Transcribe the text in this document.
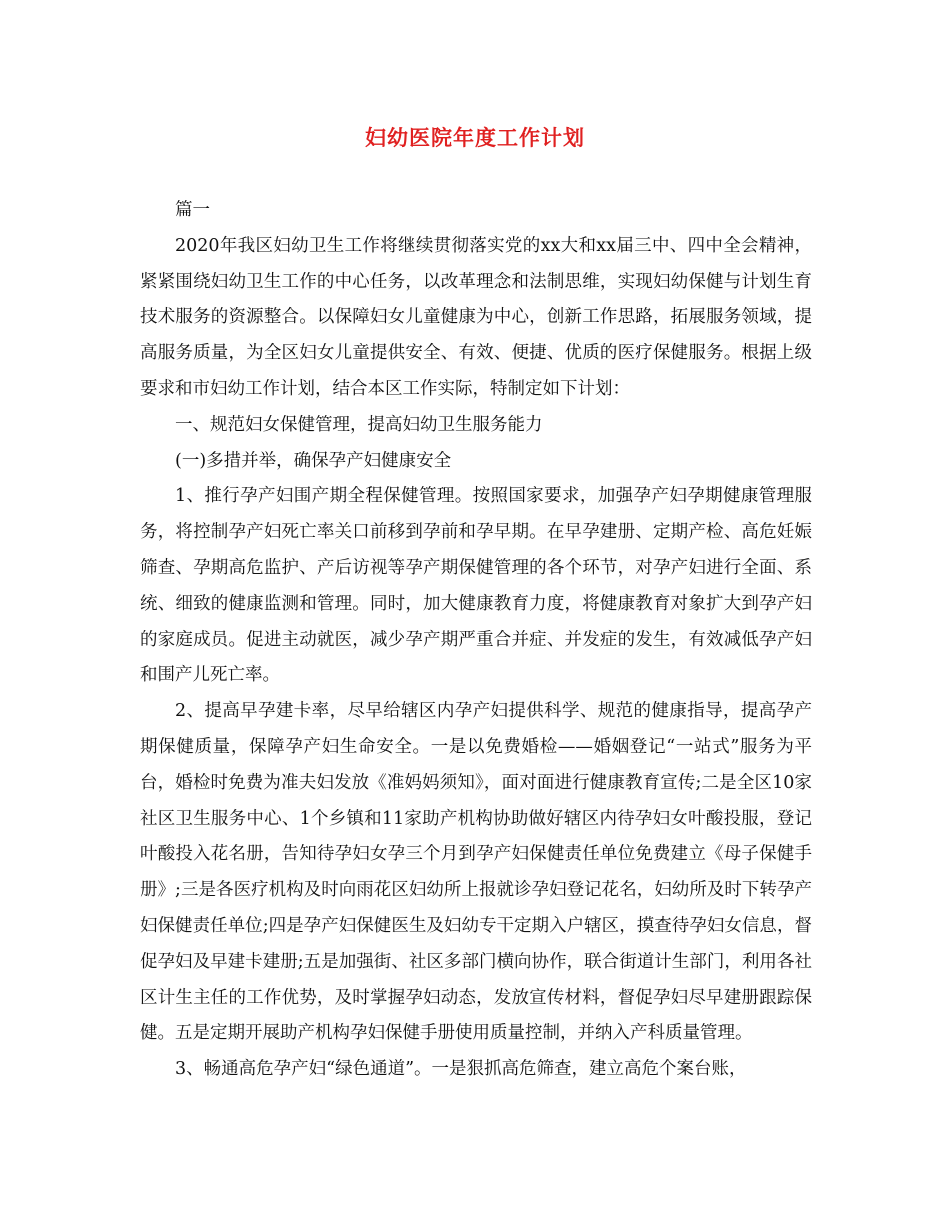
妇幼医院年度工作计划

篇一

2020年我区妇幼卫生工作将继续贯彻落实党的xx大和xx届三中、四中全会精神，紧紧围绕妇幼卫生工作的中心任务，以改革理念和法制思维，实现妇幼保健与计划生育技术服务的资源整合。以保障妇女儿童健康为中心，创新工作思路，拓展服务领域，提高服务质量，为全区妇女儿童提供安全、有效、便捷、优质的医疗保健服务。根据上级要求和市妇幼工作计划，结合本区工作实际，特制定如下计划：

一、规范妇女保健管理，提高妇幼卫生服务能力

(一)多措并举，确保孕产妇健康安全

1、推行孕产妇围产期全程保健管理。按照国家要求，加强孕产妇孕期健康管理服务，将控制孕产妇死亡率关口前移到孕前和孕早期。在早孕建册、定期产检、高危妊娠筛查、孕期高危监护、产后访视等孕产期保健管理的各个环节，对孕产妇进行全面、系统、细致的健康监测和管理。同时，加大健康教育力度，将健康教育对象扩大到孕产妇的家庭成员。促进主动就医，减少孕产期严重合并症、并发症的发生，有效减低孕产妇和围产儿死亡率。

2、提高早孕建卡率，尽早给辖区内孕产妇提供科学、规范的健康指导，提高孕产期保健质量，保障孕产妇生命安全。一是以免费婚检——婚姻登记“一站式”服务为平台，婚检时免费为准夫妇发放《准妈妈须知》，面对面进行健康教育宣传;二是全区10家社区卫生服务中心、1个乡镇和11家助产机构协助做好辖区内待孕妇女叶酸投服，登记叶酸投入花名册，告知待孕妇女孕三个月到孕产妇保健责任单位免费建立《母子保健手册》;三是各医疗机构及时向雨花区妇幼所上报就诊孕妇登记花名，妇幼所及时下转孕产妇保健责任单位;四是孕产妇保健医生及妇幼专干定期入户辖区，摸查待孕妇女信息，督促孕妇及早建卡建册;五是加强街、社区多部门横向协作，联合街道计生部门，利用各社区计生主任的工作优势，及时掌握孕妇动态，发放宣传材料，督促孕妇尽早建册跟踪保健。五是定期开展助产机构孕妇保健手册使用质量控制，并纳入产科质量管理。

3、畅通高危孕产妇“绿色通道”。一是狠抓高危筛查，建立高危个案台账，
